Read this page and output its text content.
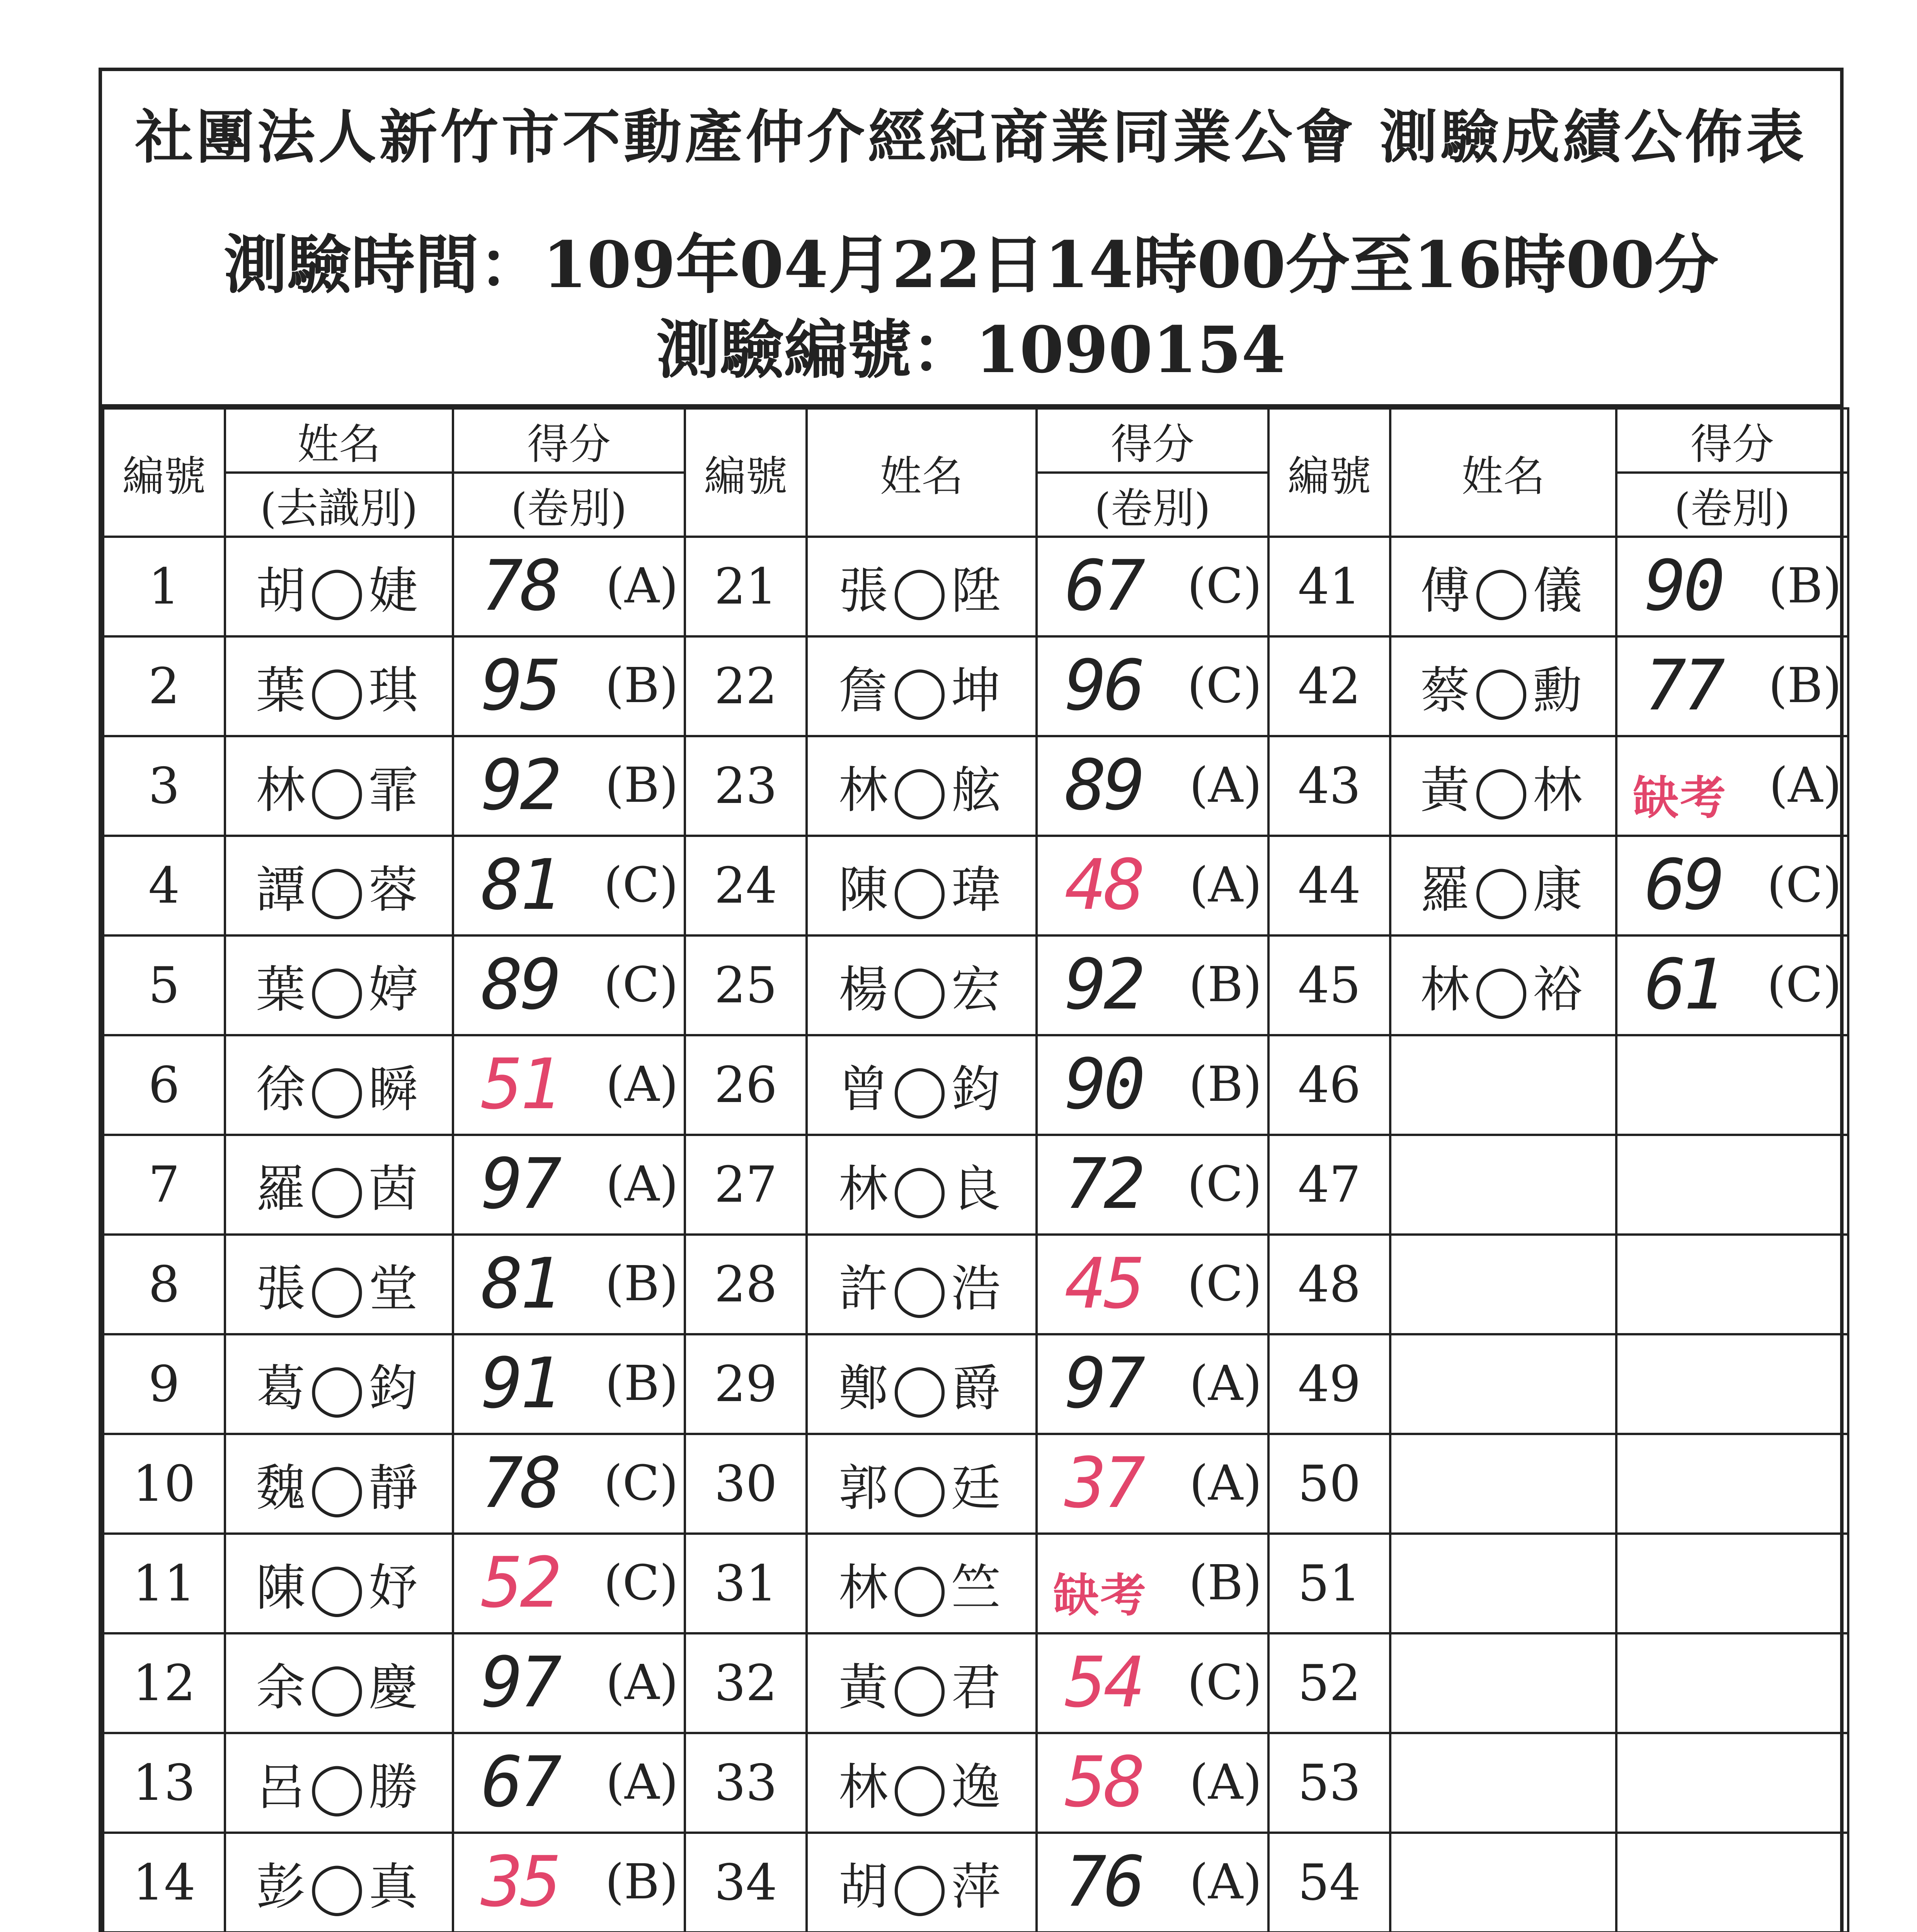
社團法人新竹市不動產仲介經紀商業同業公會 測驗成績公佈表
測驗時間：109年04月22日14時00分至16時00分
測驗編號：1090154
編號	姓名	得分	編號	姓名	得分	編號	姓名	得分
	(去識別)	(卷別)			(卷別)			(卷別)
1	胡◯婕	78 (A)	21	張◯陞	67 (C)	41	傅◯儀	90 (B)

2	葉◯琪	95 (B)	22	詹◯坤	96 (C)	42	蔡◯勳	77 (B)

3	林◯霏	92 (B)	23	林◯舷	89 (A)	43	黃◯林	缺考 (A)

4	譚◯蓉	81 (C)	24	陳◯瑋	48 (A)	44	羅◯康	69 (C)

5	葉◯婷	89 (C)	25	楊◯宏	92 (B)	45	林◯裕	61 (C)

6	徐◯瞬	51 (A)	26	曾◯鈞	90 (B)	46		

7	羅◯茵	97 (A)	27	林◯良	72 (C)	47		

8	張◯堂	81 (B)	28	許◯浩	45 (C)	48		

9	葛◯鈞	91 (B)	29	鄭◯爵	97 (A)	49		

10	魏◯靜	78 (C)	30	郭◯廷	37 (A)	50		

11	陳◯妤	52 (C)	31	林◯竺	缺考 (B)	51		

12	余◯慶	97 (A)	32	黃◯君	54 (C)	52		

13	呂◯勝	67 (A)	33	林◯逸	58 (A)	53		

14	彭◯真	35 (B)	34	胡◯萍	76 (A)	54		
